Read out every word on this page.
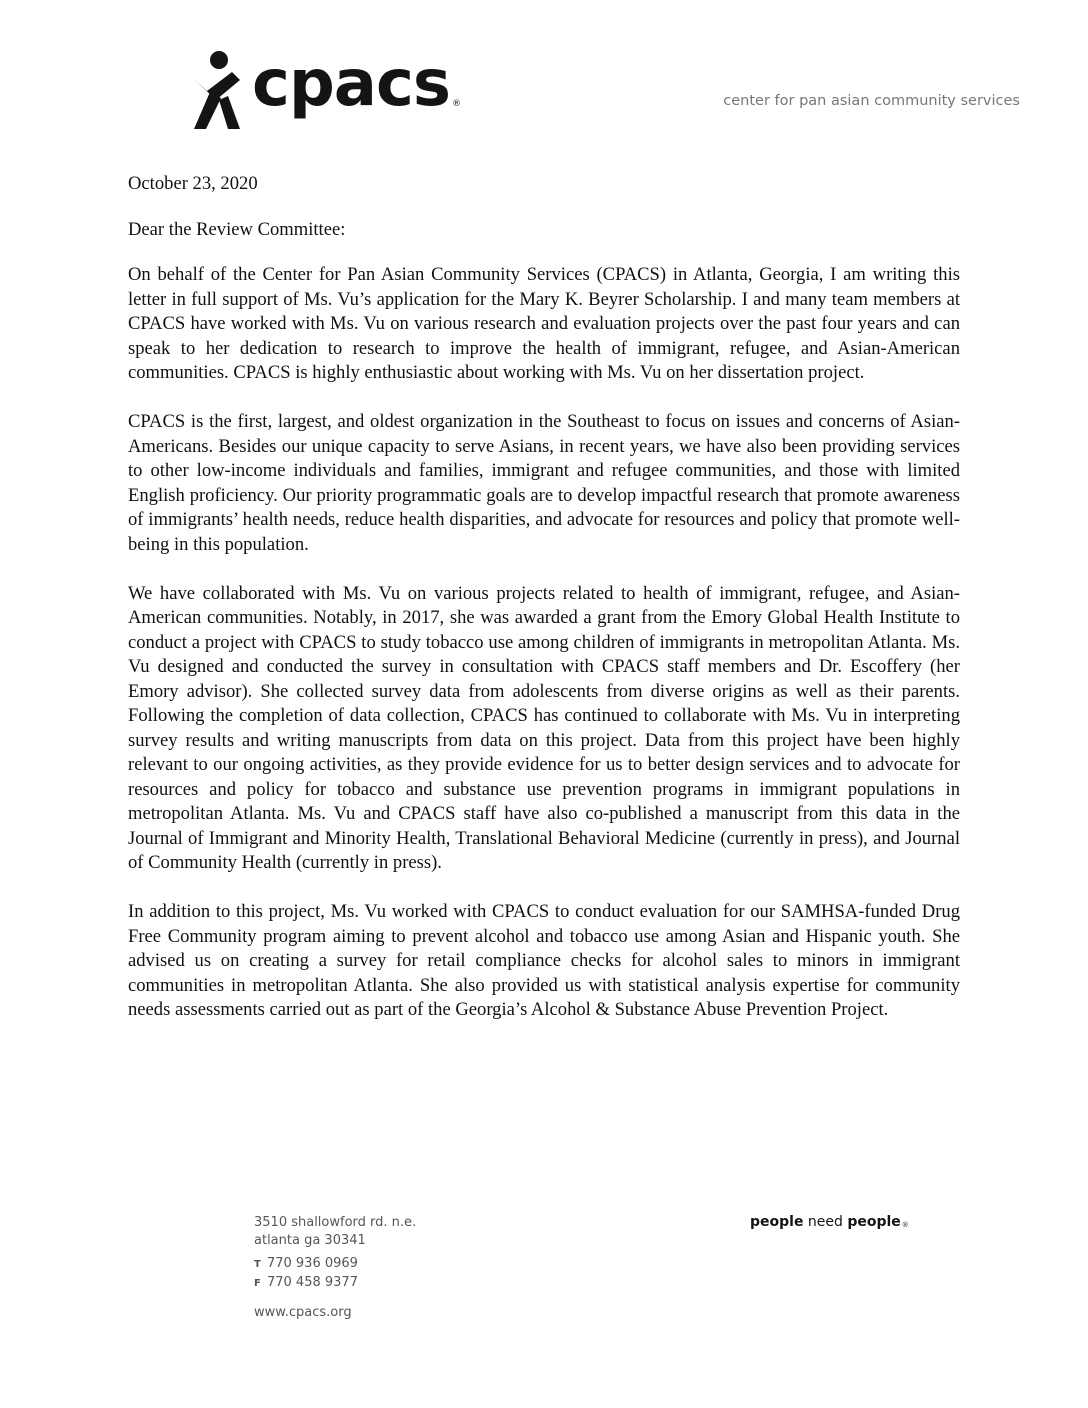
cpacs ®	center for pan asian community services

October 23, 2020

Dear the Review Committee:

On behalf of the Center for Pan Asian Community Services (CPACS) in Atlanta, Georgia, I am writing this letter in full support of Ms. Vu’s application for the Mary K. Beyrer Scholarship. I and many team members at CPACS have worked with Ms. Vu on various research and evaluation projects over the past four years and can speak to her dedication to research to improve the health of immigrant, refugee, and Asian-American communities. CPACS is highly enthusiastic about working with Ms. Vu on her dissertation project.

CPACS is the first, largest, and oldest organization in the Southeast to focus on issues and concerns of Asian-Americans. Besides our unique capacity to serve Asians, in recent years, we have also been providing services to other low-income individuals and families, immigrant and refugee communities, and those with limited English proficiency. Our priority programmatic goals are to develop impactful research that promote awareness of immigrants’ health needs, reduce health disparities, and advocate for resources and policy that promote well-being in this population.

We have collaborated with Ms. Vu on various projects related to health of immigrant, refugee, and Asian-American communities. Notably, in 2017, she was awarded a grant from the Emory Global Health Institute to conduct a project with CPACS to study tobacco use among children of immigrants in metropolitan Atlanta. Ms. Vu designed and conducted the survey in consultation with CPACS staff members and Dr. Escoffery (her Emory advisor). She collected survey data from adolescents from diverse origins as well as their parents. Following the completion of data collection, CPACS has continued to collaborate with Ms. Vu in interpreting survey results and writing manuscripts from data on this project. Data from this project have been highly relevant to our ongoing activities, as they provide evidence for us to better design services and to advocate for resources and policy for tobacco and substance use prevention programs in immigrant populations in metropolitan Atlanta. Ms. Vu and CPACS staff have also co-published a manuscript from this data in the Journal of Immigrant and Minority Health, Translational Behavioral Medicine (currently in press), and Journal of Community Health (currently in press).

In addition to this project, Ms. Vu worked with CPACS to conduct evaluation for our SAMHSA-funded Drug Free Community program aiming to prevent alcohol and tobacco use among Asian and Hispanic youth. She advised us on creating a survey for retail compliance checks for alcohol sales to minors in immigrant communities in metropolitan Atlanta. She also provided us with statistical analysis expertise for community needs assessments carried out as part of the Georgia’s Alcohol & Substance Abuse Prevention Project.

3510 shallowford rd. n.e.
atlanta ga 30341
T 770 936 0969
F 770 458 9377
www.cpacs.org
people need people®
